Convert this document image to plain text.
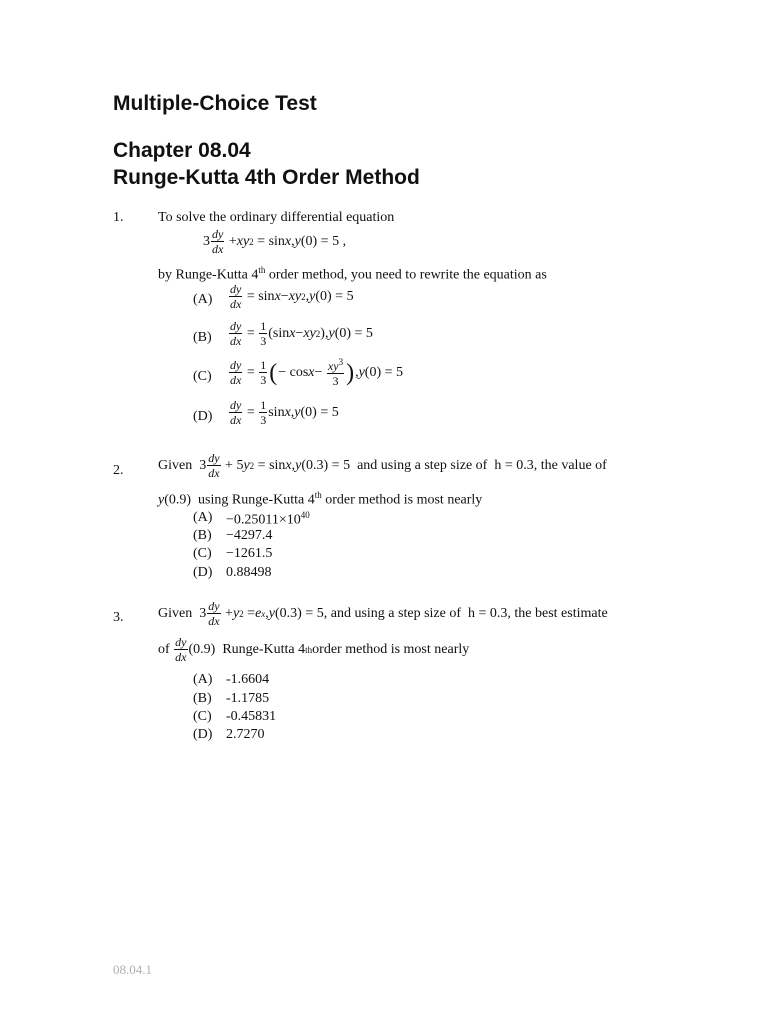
Multiple-Choice Test
Chapter 08.04
Runge-Kutta 4th Order Method
1. To solve the ordinary differential equation
$3 \frac{dy}{dx}$ + xy 2 = sin x , y (0) = 5 ,
by Runge-Kutta 4th order method, you need to rewrite the equation as
$(A) \frac{dy}{dx} = \sin x$ − xy 2 , y (0) = 5
$(B) \frac{dy}{dx} = \frac{1}{3} (\sin$ x − xy 2 ), y (0) = 5
$(C) \frac{dy}{dx} = \frac{1}{3}$ ( − $\cos x - \frac{xy^3}{3}$ ) , y (0) = 5
$(D) \frac{dy}{dx} = \frac{1}{3}$ sin x , y (0) = 5
2. Given $3 \frac{dy}{dx} + 5$ y 2 = sin x , y (0.3) = 5 and using a step size of
h = 0.3,
the value of
y(0.9)  using Runge-Kutta 4th order method is most nearly
$(A) -0.25011\times 10^{40}$
(B) −4297.4
(C) −1261.5
(D) 0.88498
3. Given $3 \frac{dy}{dx} + y$ 2 = e x , y (0.3) = 5, and using a step size of
h = 0.3,
the best estimate
of
$\frac{dy}{dx} (0.9)$ Runge-Kutta 4 th order method is most nearly
(A) -1.6604
(B) -1.1785
(C) -0.45831
(D) 2.7270
08.04.1
